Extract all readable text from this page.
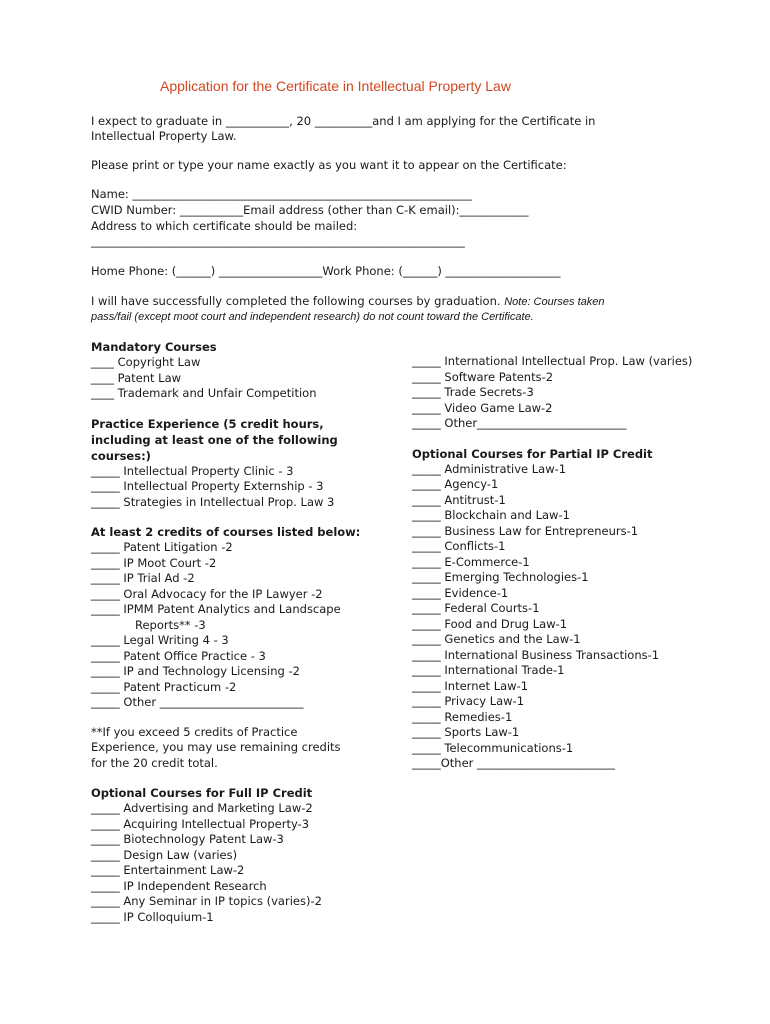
Application for the Certificate in Intellectual Property Law
I expect to graduate in ___________, 20 __________and I am applying for the Certificate in
Intellectual Property Law.
Please print or type your name exactly as you want it to appear on the Certificate:
Name: ___________________________________________________________
CWID Number: ___________Email address (other than C-K email):____________
Address to which certificate should be mailed:
_________________________________________________________________
Home Phone: (______) __________________Work Phone: (______) ____________________
I will have successfully completed the following courses by graduation. Note: Courses taken
pass/fail (except moot court and independent research) do not count toward the Certificate.
Mandatory Courses
____ Copyright Law
____ Patent Law
____ Trademark and Unfair Competition
Practice Experience (5 credit hours,
including at least one of the following
courses:)
_____ Intellectual Property Clinic - 3
_____ Intellectual Property Externship - 3
_____ Strategies in Intellectual Prop. Law 3
At least 2 credits of courses listed below:
_____ Patent Litigation -2
_____ IP Moot Court -2
_____ IP Trial Ad -2
_____ Oral Advocacy for the IP Lawyer -2
_____ IPMM Patent Analytics and Landscape
Reports** -3
_____ Legal Writing 4 - 3
_____ Patent Office Practice - 3
_____ IP and Technology Licensing -2
_____ Patent Practicum -2
_____ Other _________________________
**If you exceed 5 credits of Practice
Experience, you may use remaining credits
for the 20 credit total.
Optional Courses for Full IP Credit
_____ Advertising and Marketing Law-2
_____ Acquiring Intellectual Property-3
_____ Biotechnology Patent Law-3
_____ Design Law (varies)
_____ Entertainment Law-2
_____ IP Independent Research
_____ Any Seminar in IP topics (varies)-2
_____ IP Colloquium-1
_____ International Intellectual Prop. Law (varies)
_____ Software Patents-2
_____ Trade Secrets-3
_____ Video Game Law-2
_____ Other__________________________
Optional Courses for Partial IP Credit
_____ Administrative Law-1
_____ Agency-1
_____ Antitrust-1
_____ Blockchain and Law-1
_____ Business Law for Entrepreneurs-1
_____ Conflicts-1
_____ E-Commerce-1
_____ Emerging Technologies-1
_____ Evidence-1
_____ Federal Courts-1
_____ Food and Drug Law-1
_____ Genetics and the Law-1
_____ International Business Transactions-1
_____ International Trade-1
_____ Internet Law-1
_____ Privacy Law-1
_____ Remedies-1
_____ Sports Law-1
_____ Telecommunications-1
_____Other ________________________
